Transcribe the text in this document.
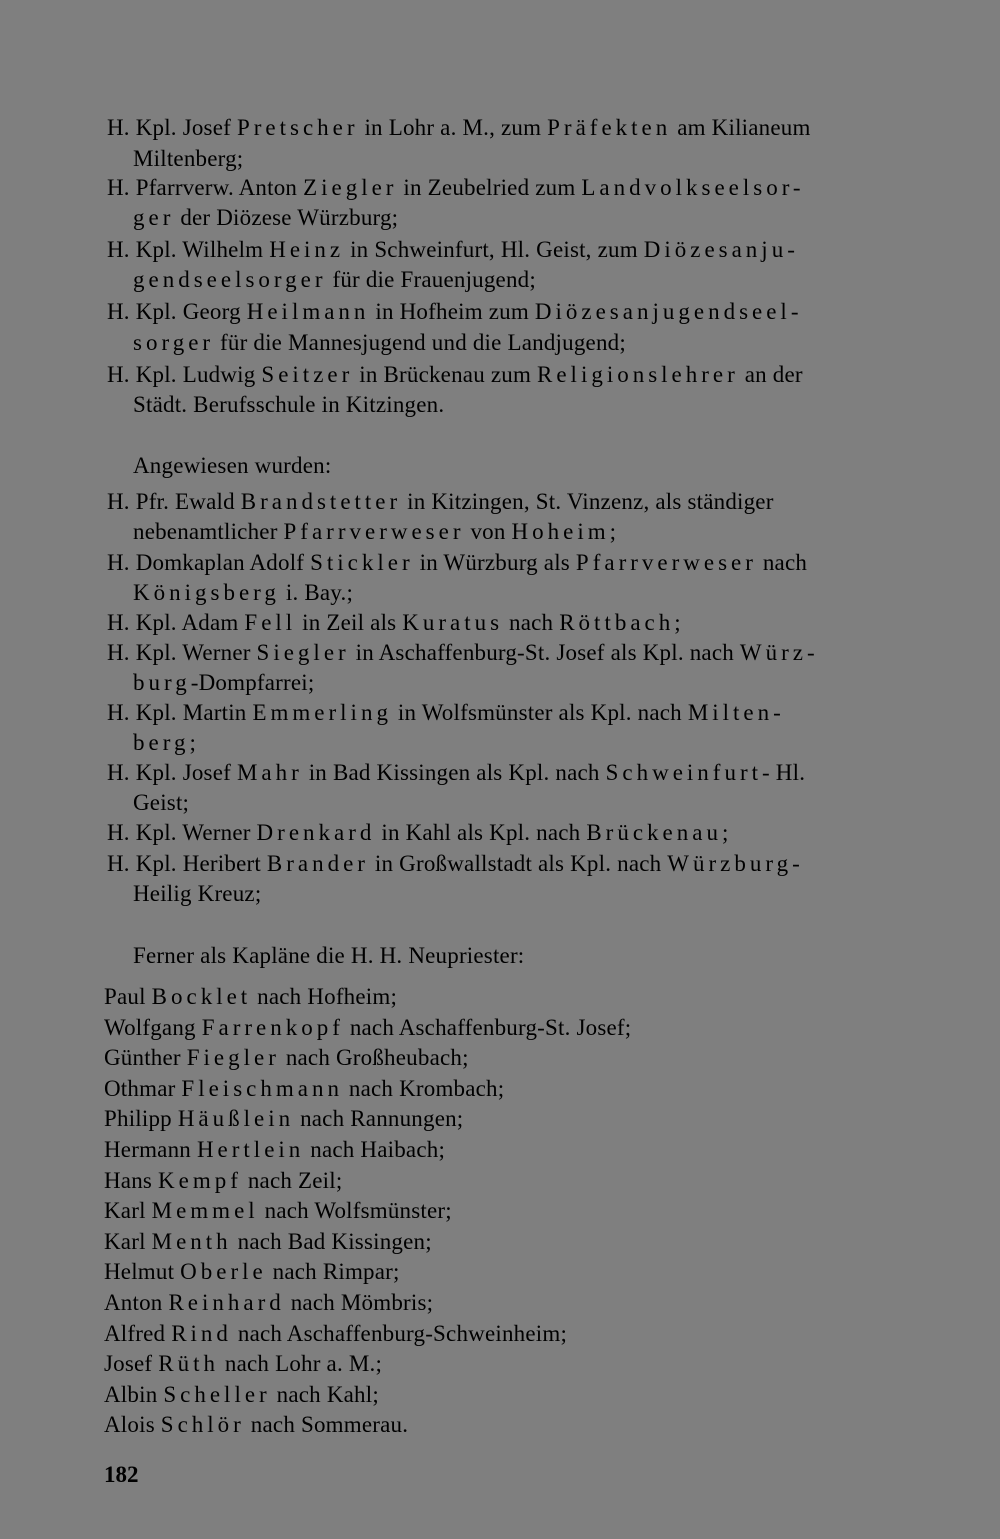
H. Kpl. Josef Pretscher in Lohr a. M., zum Präfekten am Kilianeum
Miltenberg;
H. Pfarrverw. Anton Ziegler in Zeubelried zum Landvolkseelsor-
ger der Diözese Würzburg;
H. Kpl. Wilhelm Heinz in Schweinfurt, Hl. Geist, zum Diözesanju-
gendseelsorger für die Frauenjugend;
H. Kpl. Georg Heilmann in Hofheim zum Diözesanjugendseel-
sorger für die Mannesjugend und die Landjugend;
H. Kpl. Ludwig Seitzer in Brückenau zum Religionslehrer an der
Städt. Berufsschule in Kitzingen.
Angewiesen wurden:
H. Pfr. Ewald Brandstetter in Kitzingen, St. Vinzenz, als ständiger
nebenamtlicher Pfarrverweser von Hoheim;
H. Domkaplan Adolf Stickler in Würzburg als Pfarrverweser nach
Königsberg i. Bay.;
H. Kpl. Adam Fell in Zeil als Kuratus nach Röttbach;
H. Kpl. Werner Siegler in Aschaffenburg-St. Josef als Kpl. nach Würz-
burg-Dompfarrei;
H. Kpl. Martin Emmerling in Wolfsmünster als Kpl. nach Milten-
berg;
H. Kpl. Josef Mahr in Bad Kissingen als Kpl. nach Schweinfurt- Hl.
Geist;
H. Kpl. Werner Drenkard in Kahl als Kpl. nach Brückenau;
H. Kpl. Heribert Brander in Großwallstadt als Kpl. nach Würzburg-
Heilig Kreuz;
Ferner als Kapläne die H. H. Neupriester:
Paul Bocklet nach Hofheim;
Wolfgang Farrenkopf nach Aschaffenburg-St. Josef;
Günther Fiegler nach Großheubach;
Othmar Fleischmann nach Krombach;
Philipp Häußlein nach Rannungen;
Hermann Hertlein nach Haibach;
Hans Kempf nach Zeil;
Karl Memmel nach Wolfsmünster;
Karl Menth nach Bad Kissingen;
Helmut Oberle nach Rimpar;
Anton Reinhard nach Mömbris;
Alfred Rind nach Aschaffenburg-Schweinheim;
Josef Rüth nach Lohr a. M.;
Albin Scheller nach Kahl;
Alois Schlör nach Sommerau.
182
